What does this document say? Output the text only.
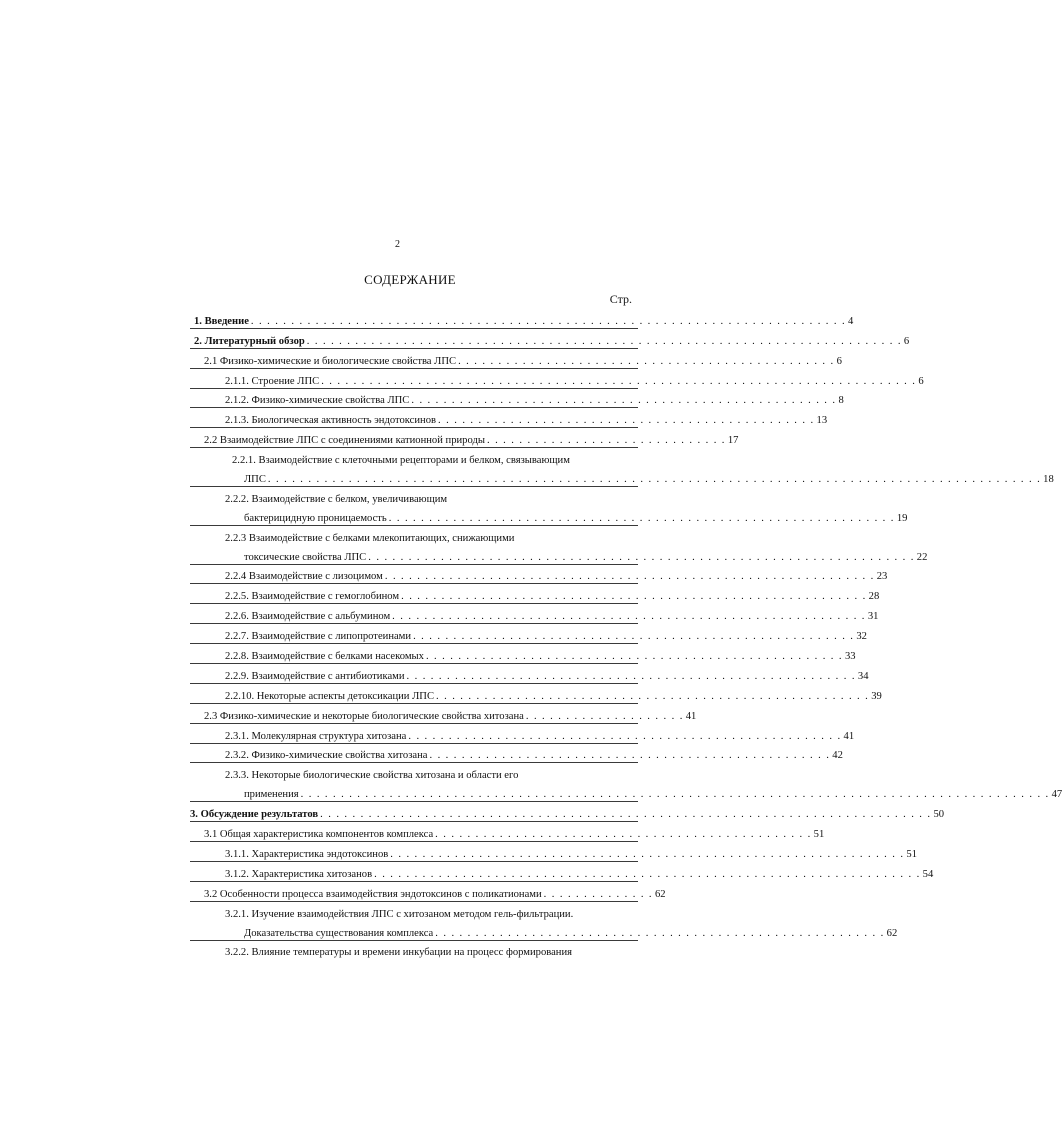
2
СОДЕРЖАНИЕ
Стр.
1. Введение . . . . . . . . . . . . . . . . . . . . . . . . . . . . . . . . . . . . . . . . . . . . . . . . . . . . . . . . . . . . . . . . . . . . . . . . . . 4
2. Литературный обзор . . . . . . . . . . . . . . . . . . . . . . . . . . . . . . . . . . . . . . . . . . . . . . . . . . . . . . . . . . . . . . . . . . . . . . . . . . 6
2.1 Физико-химические и биологические свойства ЛПС . . . . . . . . . . . . . . . . . . . . . . . . . . . . . . . . . . . . . . . . . . . . . . . 6
2.1.1. Строение ЛПС . . . . . . . . . . . . . . . . . . . . . . . . . . . . . . . . . . . . . . . . . . . . . . . . . . . . . . . . . . . . . . . . . . . . . . . . . . 6
2.1.2. Физико-химические свойства ЛПС . . . . . . . . . . . . . . . . . . . . . . . . . . . . . . . . . . . . . . . . . . . . . . . . . . . . . 8
2.1.3. Биологическая активность эндотоксинов . . . . . . . . . . . . . . . . . . . . . . . . . . . . . . . . . . . . . . . . . . . . . . . 13
2.2 Взаимодействие ЛПС с соединениями катионной природы . . . . . . . . . . . . . . . . . . . . . . . . . . . . . . 17
2.2.1. Взаимодействие с клеточными рецепторами и белком, связывающим
ЛПС . . . . . . . . . . . . . . . . . . . . . . . . . . . . . . . . . . . . . . . . . . . . . . . . . . . . . . . . . . . . . . . . . . . . . . . . . . . . . . . . . . . . . . . . . . . . . . . . 18
2.2.2. Взаимодействие с белком, увеличивающим
бактерицидную проницаемость . . . . . . . . . . . . . . . . . . . . . . . . . . . . . . . . . . . . . . . . . . . . . . . . . . . . . . . . . . . . . . . 19
2.2.3 Взаимодействие с белками млекопитающих, снижающими
токсические свойства ЛПС . . . . . . . . . . . . . . . . . . . . . . . . . . . . . . . . . . . . . . . . . . . . . . . . . . . . . . . . . . . . . . . . . . . . 22
2.2.4 Взаимодействие с лизоцимом . . . . . . . . . . . . . . . . . . . . . . . . . . . . . . . . . . . . . . . . . . . . . . . . . . . . . . . . . . . . . 23
2.2.5. Взаимодействие с гемоглобином . . . . . . . . . . . . . . . . . . . . . . . . . . . . . . . . . . . . . . . . . . . . . . . . . . . . . . . . . . 28
2.2.6. Взаимодействие с альбумином . . . . . . . . . . . . . . . . . . . . . . . . . . . . . . . . . . . . . . . . . . . . . . . . . . . . . . . . . . . 31
2.2.7. Взаимодействие с липопротеинами . . . . . . . . . . . . . . . . . . . . . . . . . . . . . . . . . . . . . . . . . . . . . . . . . . . . . . . 32
2.2.8. Взаимодействие с белками насекомых . . . . . . . . . . . . . . . . . . . . . . . . . . . . . . . . . . . . . . . . . . . . . . . . . . . . 33
2.2.9. Взаимодействие с антибиотиками . . . . . . . . . . . . . . . . . . . . . . . . . . . . . . . . . . . . . . . . . . . . . . . . . . . . . . . . 34
2.2.10. Некоторые аспекты детоксикации ЛПС . . . . . . . . . . . . . . . . . . . . . . . . . . . . . . . . . . . . . . . . . . . . . . . . . . . . . . 39
2.3 Физико-химические и некоторые биологические свойства хитозана . . . . . . . . . . . . . . . . . . . . 41
2.3.1. Молекулярная структура хитозана . . . . . . . . . . . . . . . . . . . . . . . . . . . . . . . . . . . . . . . . . . . . . . . . . . . . . . 41
2.3.2. Физико-химические свойства хитозана . . . . . . . . . . . . . . . . . . . . . . . . . . . . . . . . . . . . . . . . . . . . . . . . . . 42
2.3.3. Некоторые биологические свойства хитозана и области его
применения . . . . . . . . . . . . . . . . . . . . . . . . . . . . . . . . . . . . . . . . . . . . . . . . . . . . . . . . . . . . . . . . . . . . . . . . . . . . . . . . . . . . . . . . . . . . . 47
3. Обсуждение результатов . . . . . . . . . . . . . . . . . . . . . . . . . . . . . . . . . . . . . . . . . . . . . . . . . . . . . . . . . . . . . . . . . . . . . . . . . . . . 50
3.1 Общая характеристика компонентов комплекса . . . . . . . . . . . . . . . . . . . . . . . . . . . . . . . . . . . . . . . . . . . . . . . 51
3.1.1. Характеристика эндотоксинов . . . . . . . . . . . . . . . . . . . . . . . . . . . . . . . . . . . . . . . . . . . . . . . . . . . . . . . . . . . . . . . . 51
3.1.2. Характеристика хитозанов . . . . . . . . . . . . . . . . . . . . . . . . . . . . . . . . . . . . . . . . . . . . . . . . . . . . . . . . . . . . . . . . . . . . 54
3.2 Особенности процесса взаимодействия эндотоксинов с поликатионами . . . . . . . . . . . . . . 62
3.2.1. Изучение взаимодействия ЛПС с хитозаном методом гель-фильтрации.
Доказательства существования комплекса . . . . . . . . . . . . . . . . . . . . . . . . . . . . . . . . . . . . . . . . . . . . . . . . . . . . . . . . 62
3.2.2. Влияние температуры и времени инкубации на процесс формирования
